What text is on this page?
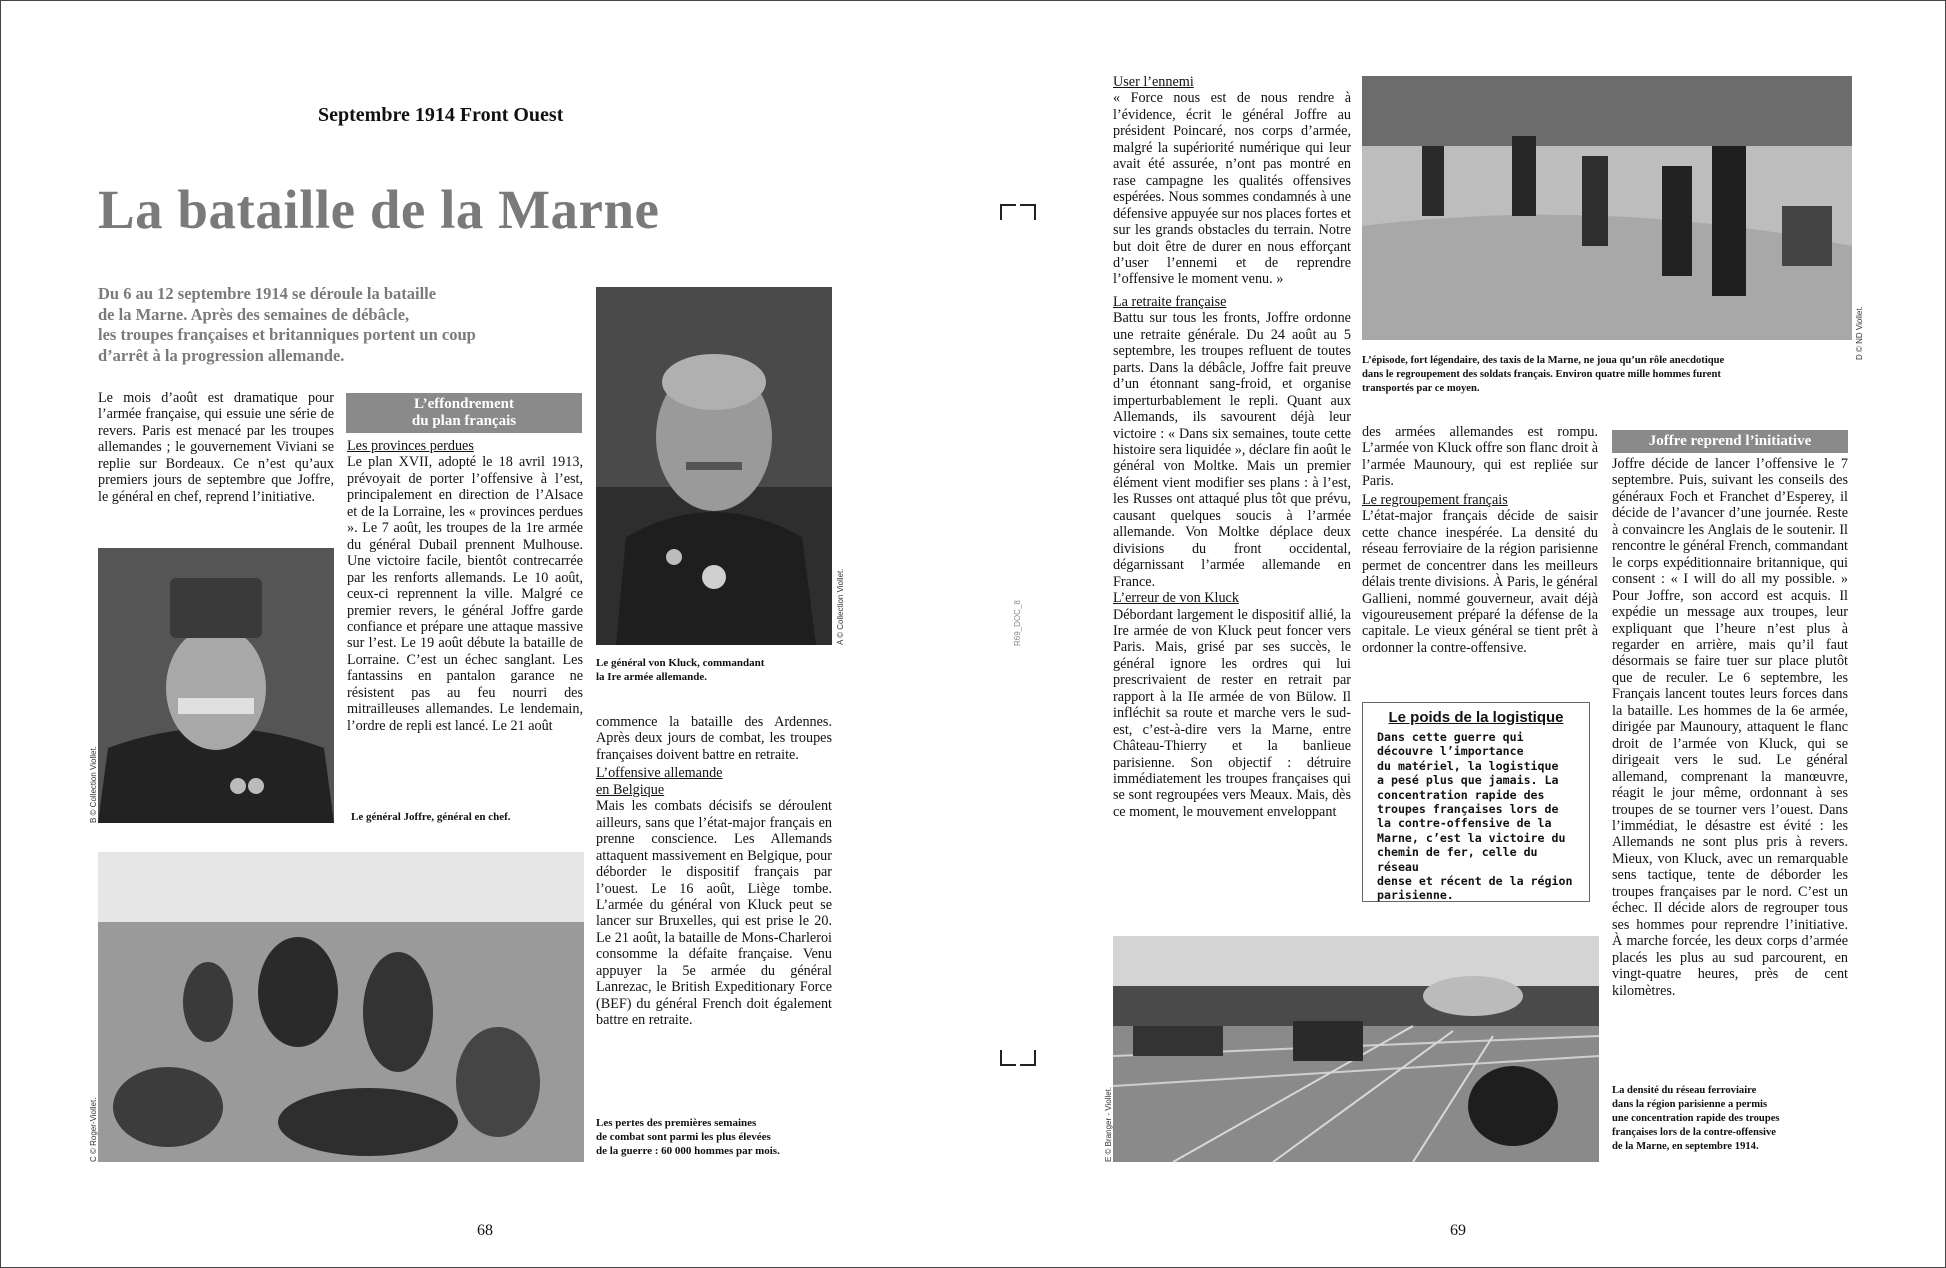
Septembre 1914 Front Ouest
La bataille de la Marne
Du 6 au 12 septembre 1914 se déroule la bataille
de la Marne. Après des semaines de débâcle,
les troupes françaises et britanniques portent un coup
d’arrêt à la progression allemande.
Le mois d’août est dramatique pour l’armée française, qui essuie une série de revers. Paris est menacé par les troupes allemandes ; le gouvernement Viviani se replie sur Bordeaux. Ce n’est qu’aux premiers jours de septembre que Joffre, le général en chef, reprend l’initiative.
L’effondrement
du plan français
Les provinces perdues
Le plan XVII, adopté le 18 avril 1913, prévoyait de porter l’offensive à l’est, principalement en direction de l’Alsace et de la Lorraine, les « provinces perdues ». Le 7 août, les troupes de la 1re armée du général Dubail prennent Mulhouse. Une victoire facile, bientôt contrecarrée par les renforts allemands. Le 10 août, ceux-ci reprennent la ville. Malgré ce premier revers, le général Joffre garde confiance et prépare une attaque massive sur l’est. Le 19 août débute la bataille de Lorraine. C’est un échec sanglant. Les fantassins en pantalon garance ne résistent pas au feu nourri des mitrailleuses allemandes. Le lendemain, l’ordre de repli est lancé. Le 21 août
A © Collection Viollet.
Le général von Kluck, commandant
la Ire armée allemande.
B © Collection Viollet.	Le général Joffre, général en chef.
commence la bataille des Ardennes. Après deux jours de combat, les troupes françaises doivent battre en retraite.
L’offensive allemande
en Belgique
Mais les combats décisifs se déroulent ailleurs, sans que l’état-major français en prenne conscience. Les Allemands attaquent massivement en Belgique, pour déborder le dispositif français par l’ouest. Le 16 août, Liège tombe. L’armée du général von Kluck peut se lancer sur Bruxelles, qui est prise le 20. Le 21 août, la bataille de Mons-Charleroi consomme la défaite française. Venu appuyer la 5e armée du général Lanrezac, le British Expeditionary Force (BEF) du général French doit également battre en retraite.
C © Roger-Viollet.	Les pertes des premières semaines
de combat sont parmi les plus élevées
de la guerre : 60 000 hommes par mois.
68
R69_DOC_8
User l’ennemi
« Force nous est de nous rendre à l’évidence, écrit le général Joffre au président Poincaré, nos corps d’armée, malgré la supériorité numérique qui leur avait été assurée, n’ont pas montré en rase campagne les qualités offensives espérées. Nous sommes condamnés à une défensive appuyée sur nos places fortes et sur les grands obstacles du terrain. Notre but doit être de durer en nous efforçant d’user l’ennemi et de reprendre l’offensive le moment venu. »
La retraite française
Battu sur tous les fronts, Joffre ordonne une retraite générale. Du 24 août au 5 septembre, les troupes refluent de toutes parts. Dans la débâcle, Joffre fait preuve d’un étonnant sang-froid, et organise imperturbablement le repli. Quant aux Allemands, ils savourent déjà leur victoire : « Dans six semaines, toute cette histoire sera liquidée », déclare fin août le général von Moltke. Mais un premier élément vient modifier ses plans : à l’est, les Russes ont attaqué plus tôt que prévu, causant quelques soucis à l’armée allemande. Von Moltke déplace deux divisions du front occidental, dégarnissant l’armée allemande en France.
L’erreur de von Kluck
Débordant largement le dispositif allié, la Ire armée de von Kluck peut foncer vers Paris. Mais, grisé par ses succès, le général ignore les ordres qui lui prescrivaient de rester en retrait par rapport à la IIe armée de von Bülow. Il infléchit sa route et marche vers le sud-est, c’est-à-dire vers la Marne, entre Château-Thierry et la banlieue parisienne. Son objectif : détruire immédiatement les troupes françaises qui se sont regroupées vers Meaux. Mais, dès ce moment, le mouvement enveloppant
D © ND Viollet.
L’épisode, fort légendaire, des taxis de la Marne, ne joua qu’un rôle anecdotique
dans le regroupement des soldats français. Environ quatre mille hommes furent
transportés par ce moyen.
des armées allemandes est rompu. L’armée von Kluck offre son flanc droit à l’armée Maunoury, qui est repliée sur Paris.
Le regroupement français
L’état-major français décide de saisir cette chance inespérée. La densité du réseau ferroviaire de la région parisienne permet de concentrer dans les meilleurs délais trente divisions. À Paris, le général Gallieni, nommé gouverneur, avait déjà vigoureusement préparé la défense de la capitale. Le vieux général se tient prêt à ordonner la contre-offensive.
Le poids de la logistique
Dans cette guerre qui
découvre l’importance
du matériel, la logistique
a pesé plus que jamais. La
concentration rapide des
troupes françaises lors de
la contre-offensive de la
Marne, c’est la victoire du
chemin de fer, celle du réseau
dense et récent de la région
parisienne.
Joffre reprend l’initiative
Joffre décide de lancer l’offensive le 7 septembre. Puis, suivant les conseils des généraux Foch et Franchet d’Esperey, il décide de l’avancer d’une journée. Reste à convaincre les Anglais de le soutenir. Il rencontre le général French, commandant le corps expéditionnaire britannique, qui consent : « I will do all my possible. » Pour Joffre, son accord est acquis. Il expédie un message aux troupes, leur expliquant que l’heure n’est plus à regarder en arrière, mais qu’il faut désormais se faire tuer sur place plutôt que de reculer. Le 6 septembre, les Français lancent toutes leurs forces dans la bataille. Les hommes de la 6e armée, dirigée par Maunoury, attaquent le flanc droit de l’armée von Kluck, qui se dirigeait vers le sud. Le général allemand, comprenant la manœuvre, réagit le jour même, ordonnant à ses troupes de se tourner vers l’ouest. Dans l’immédiat, le désastre est évité : les Allemands ne sont plus pris à revers. Mieux, von Kluck, avec un remarquable sens tactique, tente de déborder les troupes françaises par le nord. C’est un échec. Il décide alors de regrouper tous ses hommes pour reprendre l’initiative. À marche forcée, les deux corps d’armée placés les plus au sud parcourent, en vingt-quatre heures, près de cent kilomètres.
E © Branger - Viollet.	La densité du réseau ferroviaire
dans la région parisienne a permis
une concentration rapide des troupes
françaises lors de la contre-offensive
de la Marne, en septembre 1914.
69
